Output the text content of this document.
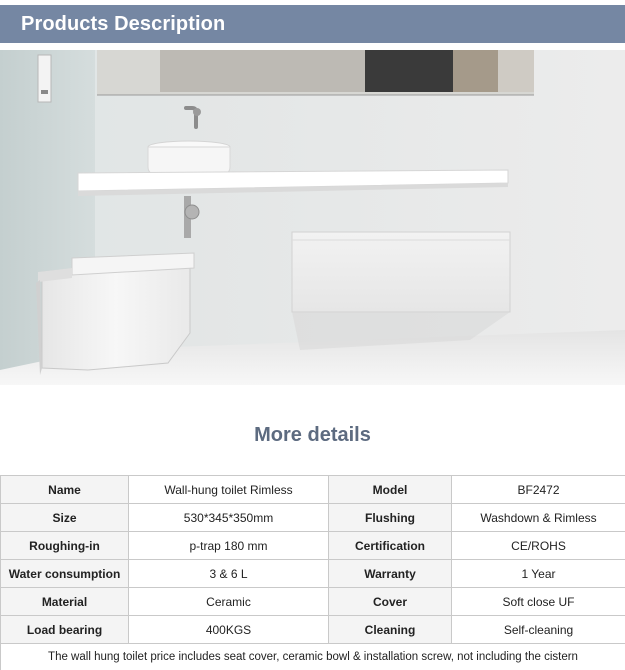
Products Description
More details
Name	Wall-hung toilet Rimless	Model	BF2472
Size	530*345*350mm	Flushing	Washdown & Rimless
Roughing-in	p-trap 180 mm	Certification	CE/ROHS
Water consumption	3 & 6 L	Warranty	1 Year
Material	Ceramic	Cover	Soft close UF
Load bearing	400KGS	Cleaning	Self-cleaning
The wall hung toilet price includes seat cover, ceramic bowl & installation screw, not including the cistern			
